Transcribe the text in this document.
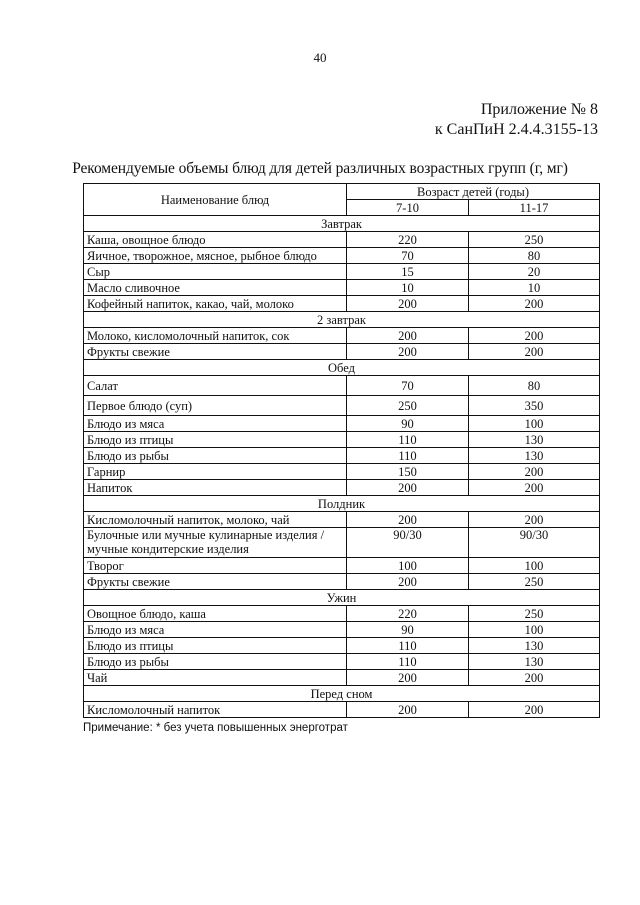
40
Приложение № 8
к СанПиН 2.4.4.3155-13
Рекомендуемые объемы блюд для детей различных возрастных групп (г, мг)
Наименование блюд	Возраст детей (годы)	
	7-10	11-17
Завтрак		
Каша, овощное блюдо	220	250
Яичное, творожное, мясное, рыбное блюдо	70	80
Сыр	15	20
Масло сливочное	10	10
Кофейный напиток, какао, чай, молоко	200	200
2 завтрак		
Молоко, кисломолочный напиток, сок	200	200
Фрукты свежие	200	200
Обед		
Салат	70	80
Первое блюдо (суп)	250	350
Блюдо из мяса	90	100
Блюдо из птицы	110	130
Блюдо из рыбы	110	130
Гарнир	150	200
Напиток	200	200
Полдник		
Кисломолочный напиток, молоко, чай	200	200
Булочные или мучные кулинарные изделия / мучные кондитерские изделия	90/30	90/30
Творог	100	100
Фрукты свежие	200	250
Ужин		
Овощное блюдо, каша	220	250
Блюдо из мяса	90	100
Блюдо из птицы	110	130
Блюдо из рыбы	110	130
Чай	200	200
Перед сном		
Кисломолочный напиток	200	200
Примечание: * без учета повышенных энерготрат
